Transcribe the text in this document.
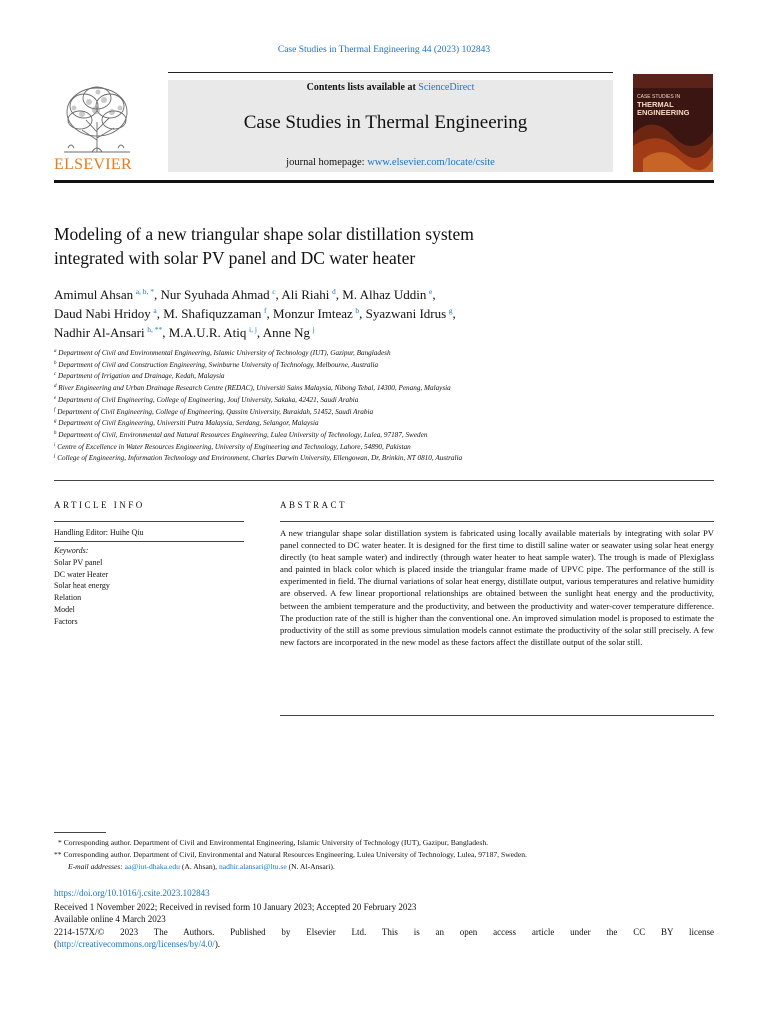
Case Studies in Thermal Engineering 44 (2023) 102843
ELSEVIER
Contents lists available at ScienceDirect
Case Studies in Thermal Engineering
journal homepage: www.elsevier.com/locate/csite
CASE STUDIES IN
THERMAL
ENGINEERING
Modeling of a new triangular shape solar distillation system
integrated with solar PV panel and DC water heater
Amimul Ahsan  $^{a, b, *}$, Nur Syuhada Ahmad  $^c$, Ali Riahi  $^d$, M. Alhaz Uddin  $^e$,
Daud Nabi Hridoy  $^a$, M. Shafiquzzaman  $^f$, Monzur Imteaz  $^b$, Syazwani Idrus  $^g$,
Nadhir Al-Ansari  $^{h, **}$, M.A.U.R. Atiq  $^{i, j}$, Anne Ng  $^j$
$^a$ Department of Civil and Environmental Engineering, Islamic University of Technology (IUT), Gazipur, Bangladesh
$^b$ Department of Civil and Construction Engineering, Swinburne University of Technology, Melbourne, Australia
$^c$ Department of Irrigation and Drainage, Kedah, Malaysia
$^d$ River Engineering and Urban Drainage Research Centre (REDAC), Universiti Sains Malaysia, Nibong Tebal, 14300, Penang, Malaysia
$^e$ Department of Civil Engineering, College of Engineering, Jouf University, Sakaka, 42421, Saudi Arabia
$^f$ Department of Civil Engineering, College of Engineering, Qassim University, Buraidah, 51452, Saudi Arabia
$^g$ Department of Civil Engineering, Universiti Putra Malaysia, Serdang, Selangor, Malaysia
$^h$ Department of Civil, Environmental and Natural Resources Engineering, Lulea University of Technology, Lulea, 97187, Sweden
$^i$ Centre of Excellence in Water Resources Engineering, University of Engineering and Technology, Lahore, 54890, Pakistan
$^j$ College of Engineering, Information Technology and Environment, Charles Darwin University, Ellengowan, Dr, Brinkin, NT 0810, Australia
ARTICLE INFO
Handling Editor: Huihe Qiu
Keywords:
Solar PV panel
DC water Heater
Solar heat energy
Relation
Model
Factors
ABSTRACT
A new triangular shape solar distillation system is fabricated using locally available materials by integrating with solar PV panel connected to DC water heater. It is designed for the first time to distill saline water or seawater using solar heat energy directly (to heat sample water) and indirectly (through water heater to heat sample water). The trough is made of Plexiglass and painted in black color which is placed inside the triangular frame made of UPVC pipe. The performance of the still is experimented in field. The diurnal variations of solar heat energy, distillate output, various temperatures and relative humidity are observed. A few linear proportional relationships are obtained between the sunlight heat energy and the productivity, between the ambient temperature and the productivity, and between the productivity and water-cover temperature difference. The production rate of the still is higher than the conventional one. An improved simulation model is proposed to estimate the productivity of the still as some previous simulation models cannot estimate the productivity of the solar still precisely. A few new factors are incorporated in the new model as these factors affect the distillate output of the solar still.
* Corresponding author. Department of Civil and Environmental Engineering, Islamic University of Technology (IUT), Gazipur, Bangladesh.
** Corresponding author. Department of Civil, Environmental and Natural Resources Engineering, Lulea University of Technology, Lulea, 97187, Sweden.
E-mail addresses: aa@iut-dhaka.edu (A. Ahsan), nadhir.alansari@ltu.se (N. Al-Ansari).
https://doi.org/10.1016/j.csite.2023.102843
Received 1 November 2022; Received in revised form 10 January 2023; Accepted 20 February 2023
Available online 4 March 2023
2214-157X/© 2023 The Authors. Published by Elsevier Ltd. This is an open access article under the CC BY license
(http://creativecommons.org/licenses/by/4.0/).
